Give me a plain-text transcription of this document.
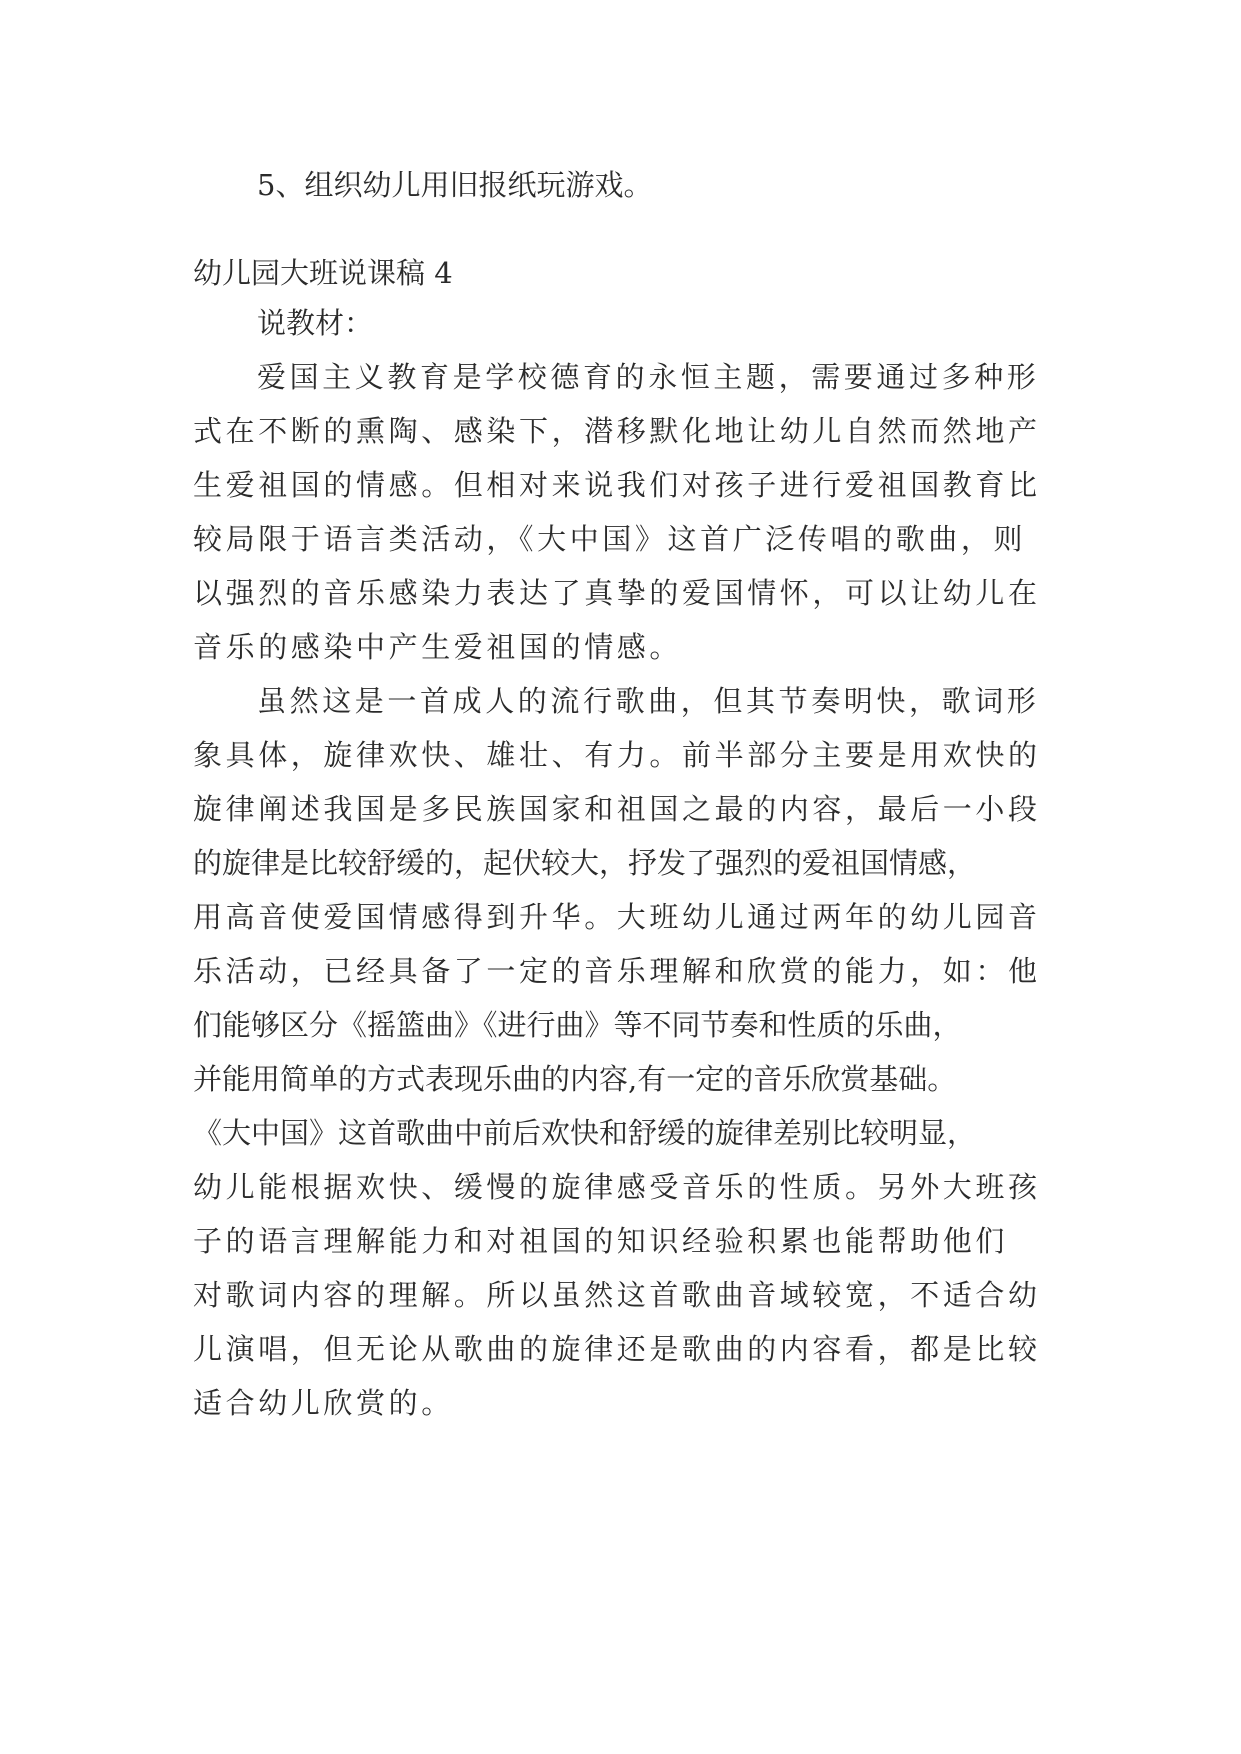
5、组织幼儿用旧报纸玩游戏。

幼儿园大班说课稿 4

说教材：

爱国主义教育是学校德育的永恒主题，需要通过多种形

式在不断的熏陶、感染下，潜移默化地让幼儿自然而然地产

生爱祖国的情感。但相对来说我们对孩子进行爱祖国教育比

较局限于语言类活动，《大中国》这首广泛传唱的歌曲，则

以强烈的音乐感染力表达了真挚的爱国情怀，可以让幼儿在

音乐的感染中产生爱祖国的情感。

虽然这是一首成人的流行歌曲，但其节奏明快，歌词形

象具体，旋律欢快、雄壮、有力。前半部分主要是用欢快的

旋律阐述我国是多民族国家和祖国之最的内容，最后一小段

的旋律是比较舒缓的，起伏较大，抒发了强烈的爱祖国情感，

用高音使爱国情感得到升华。大班幼儿通过两年的幼儿园音

乐活动，已经具备了一定的音乐理解和欣赏的能力，如：他

们能够区分《摇篮曲》《进行曲》等不同节奏和性质的乐曲，

并能用简单的方式表现乐曲的内容,有一定的音乐欣赏基础。

《大中国》这首歌曲中前后欢快和舒缓的旋律差别比较明显，

幼儿能根据欢快、缓慢的旋律感受音乐的性质。另外大班孩

子的语言理解能力和对祖国的知识经验积累也能帮助他们

对歌词内容的理解。所以虽然这首歌曲音域较宽，不适合幼

儿演唱，但无论从歌曲的旋律还是歌曲的内容看，都是比较

适合幼儿欣赏的。
